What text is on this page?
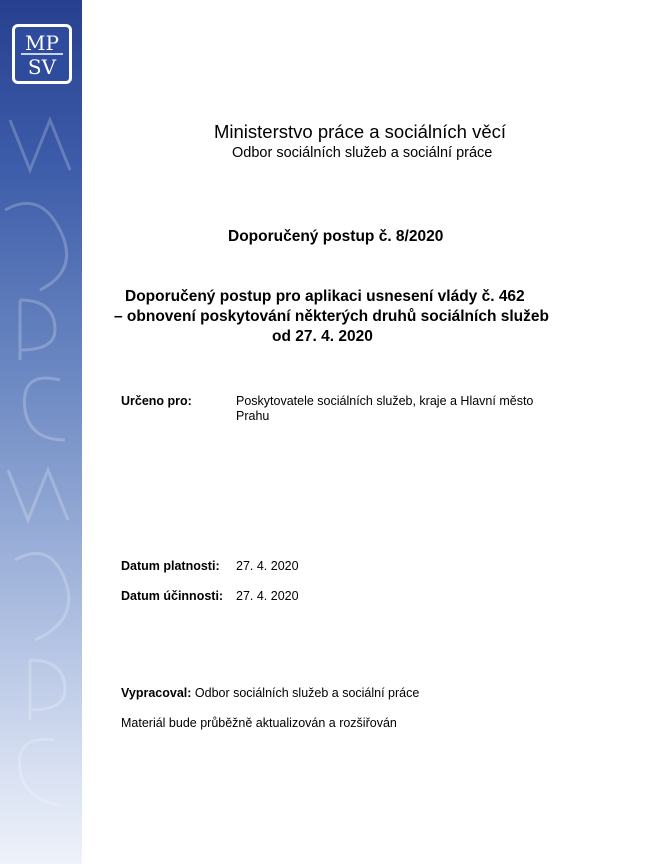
MP
SV
Ministerstvo práce a sociálních věcí
Odbor sociálních služeb a sociální práce
Doporučený postup č. 8/2020
Doporučený postup pro aplikaci usnesení vlády č. 462
– obnovení poskytování některých druhů sociálních služeb
od 27. 4. 2020
Určeno pro:	Poskytovatele sociálních služeb, kraje a Hlavní město Prahu
Datum platnosti: 27. 4. 2020
Datum účinnosti: 27. 4. 2020
Vypracoval: Odbor sociálních služeb a sociální práce
Materiál bude průběžně aktualizován a rozšiřován
